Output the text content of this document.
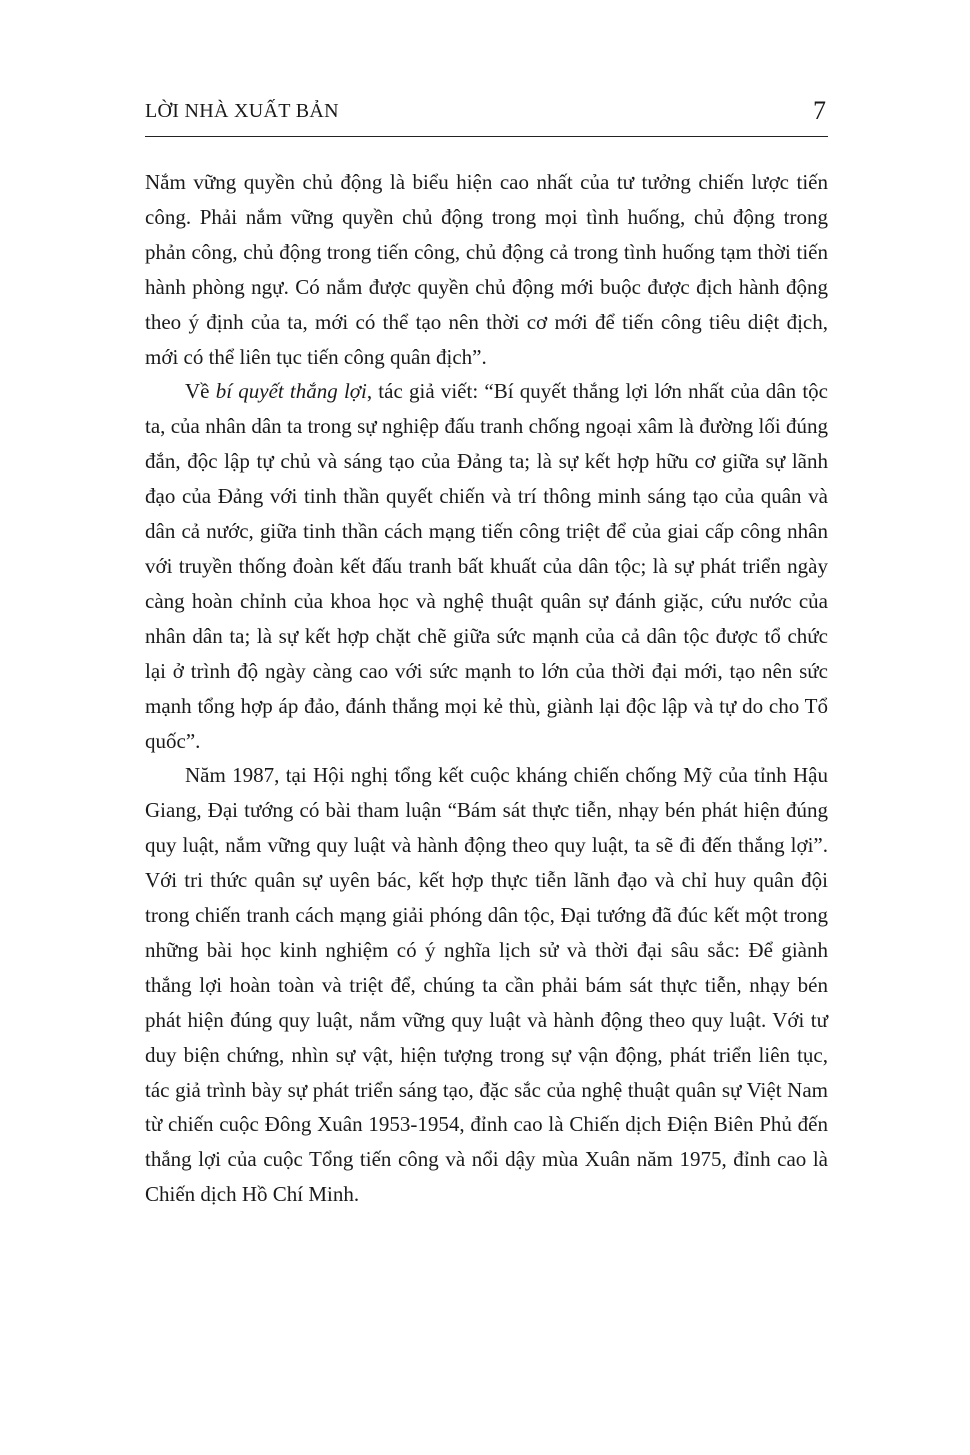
LỜI NHÀ XUẤT BẢN	7

Nắm vững quyền chủ động là biểu hiện cao nhất của tư tưởng chiến lược tiến công. Phải nắm vững quyền chủ động trong mọi tình huống, chủ động trong phản công, chủ động trong tiến công, chủ động cả trong tình huống tạm thời tiến hành phòng ngự. Có nắm được quyền chủ động mới buộc được địch hành động theo ý định của ta, mới có thể tạo nên thời cơ mới để tiến công tiêu diệt địch, mới có thể liên tục tiến công quân địch”.

Về bí quyết thắng lợi, tác giả viết: “Bí quyết thắng lợi lớn nhất của dân tộc ta, của nhân dân ta trong sự nghiệp đấu tranh chống ngoại xâm là đường lối đúng đắn, độc lập tự chủ và sáng tạo của Đảng ta; là sự kết hợp hữu cơ giữa sự lãnh đạo của Đảng với tinh thần quyết chiến và trí thông minh sáng tạo của quân và dân cả nước, giữa tinh thần cách mạng tiến công triệt để của giai cấp công nhân với truyền thống đoàn kết đấu tranh bất khuất của dân tộc; là sự phát triển ngày càng hoàn chỉnh của khoa học và nghệ thuật quân sự đánh giặc, cứu nước của nhân dân ta; là sự kết hợp chặt chẽ giữa sức mạnh của cả dân tộc được tổ chức lại ở trình độ ngày càng cao với sức mạnh to lớn của thời đại mới, tạo nên sức mạnh tổng hợp áp đảo, đánh thắng mọi kẻ thù, giành lại độc lập và tự do cho Tổ quốc”.

Năm 1987, tại Hội nghị tổng kết cuộc kháng chiến chống Mỹ của tỉnh Hậu Giang, Đại tướng có bài tham luận “Bám sát thực tiễn, nhạy bén phát hiện đúng quy luật, nắm vững quy luật và hành động theo quy luật, ta sẽ đi đến thắng lợi”. Với tri thức quân sự uyên bác, kết hợp thực tiễn lãnh đạo và chỉ huy quân đội trong chiến tranh cách mạng giải phóng dân tộc, Đại tướng đã đúc kết một trong những bài học kinh nghiệm có ý nghĩa lịch sử và thời đại sâu sắc: Để giành thắng lợi hoàn toàn và triệt để, chúng ta cần phải bám sát thực tiễn, nhạy bén phát hiện đúng quy luật, nắm vững quy luật và hành động theo quy luật. Với tư duy biện chứng, nhìn sự vật, hiện tượng trong sự vận động, phát triển liên tục, tác giả trình bày sự phát triển sáng tạo, đặc sắc của nghệ thuật quân sự Việt Nam từ chiến cuộc Đông Xuân 1953-1954, đỉnh cao là Chiến dịch Điện Biên Phủ đến thắng lợi của cuộc Tổng tiến công và nổi dậy mùa Xuân năm 1975, đỉnh cao là Chiến dịch Hồ Chí Minh.
